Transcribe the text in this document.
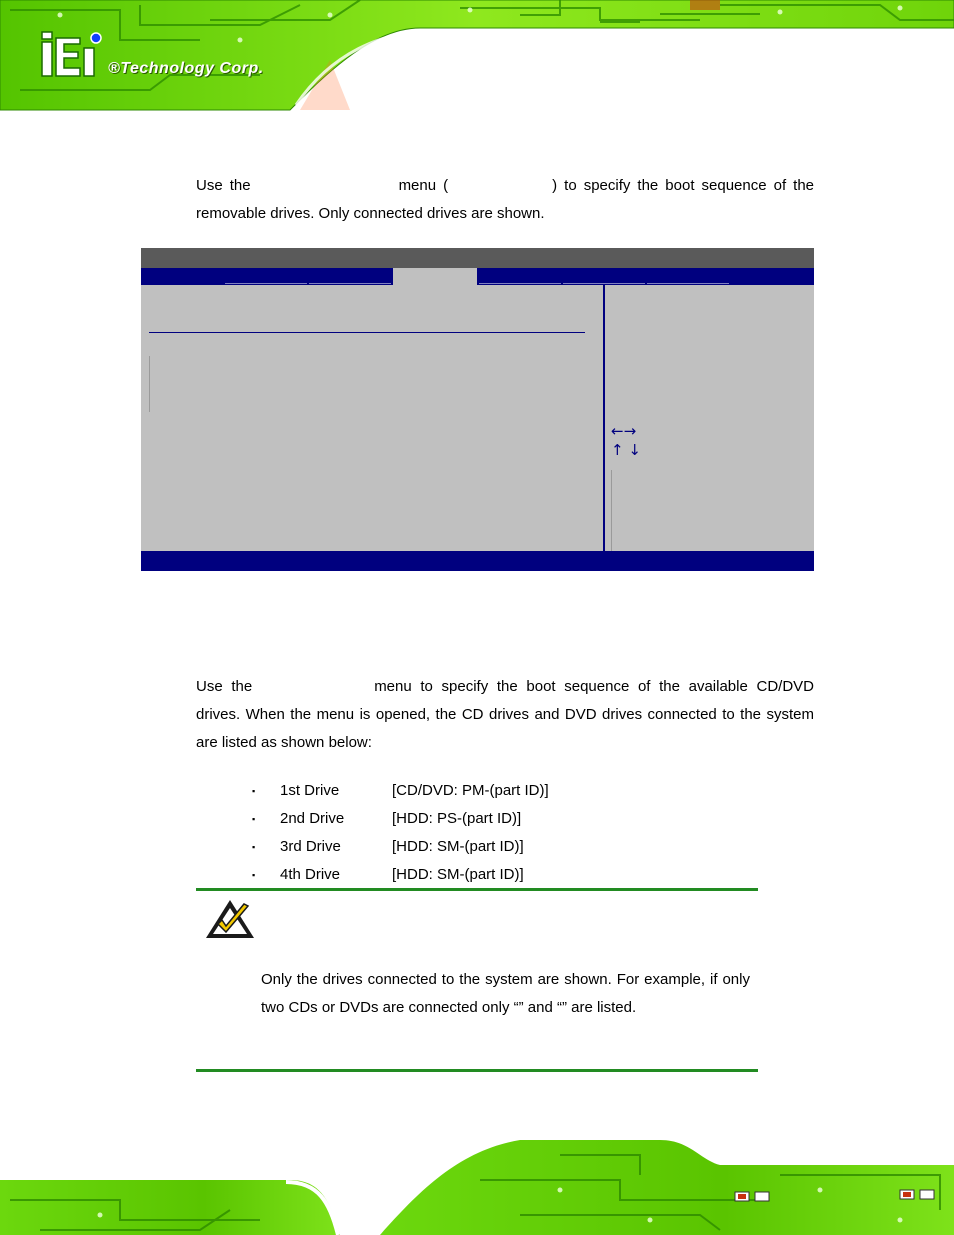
®Technology Corp.
Use the	menu (	) to specify the boot sequence of the removable drives. Only connected drives are shown.
←→
↑ ↓
Use the	menu to specify the boot sequence of the available CD/DVD drives. When the menu is opened, the CD drives and DVD drives connected to the system are listed as shown below:
▪ 1st Drive	[CD/DVD: PM-(part ID)]
▪ 2nd Drive	[HDD: PS-(part ID)]
▪ 3rd Drive	[HDD: SM-(part ID)]
▪ 4th Drive	[HDD: SM-(part ID)]
Only the drives connected to the system are shown. For example, if only two CDs or DVDs are connected only “” and “” are listed.
